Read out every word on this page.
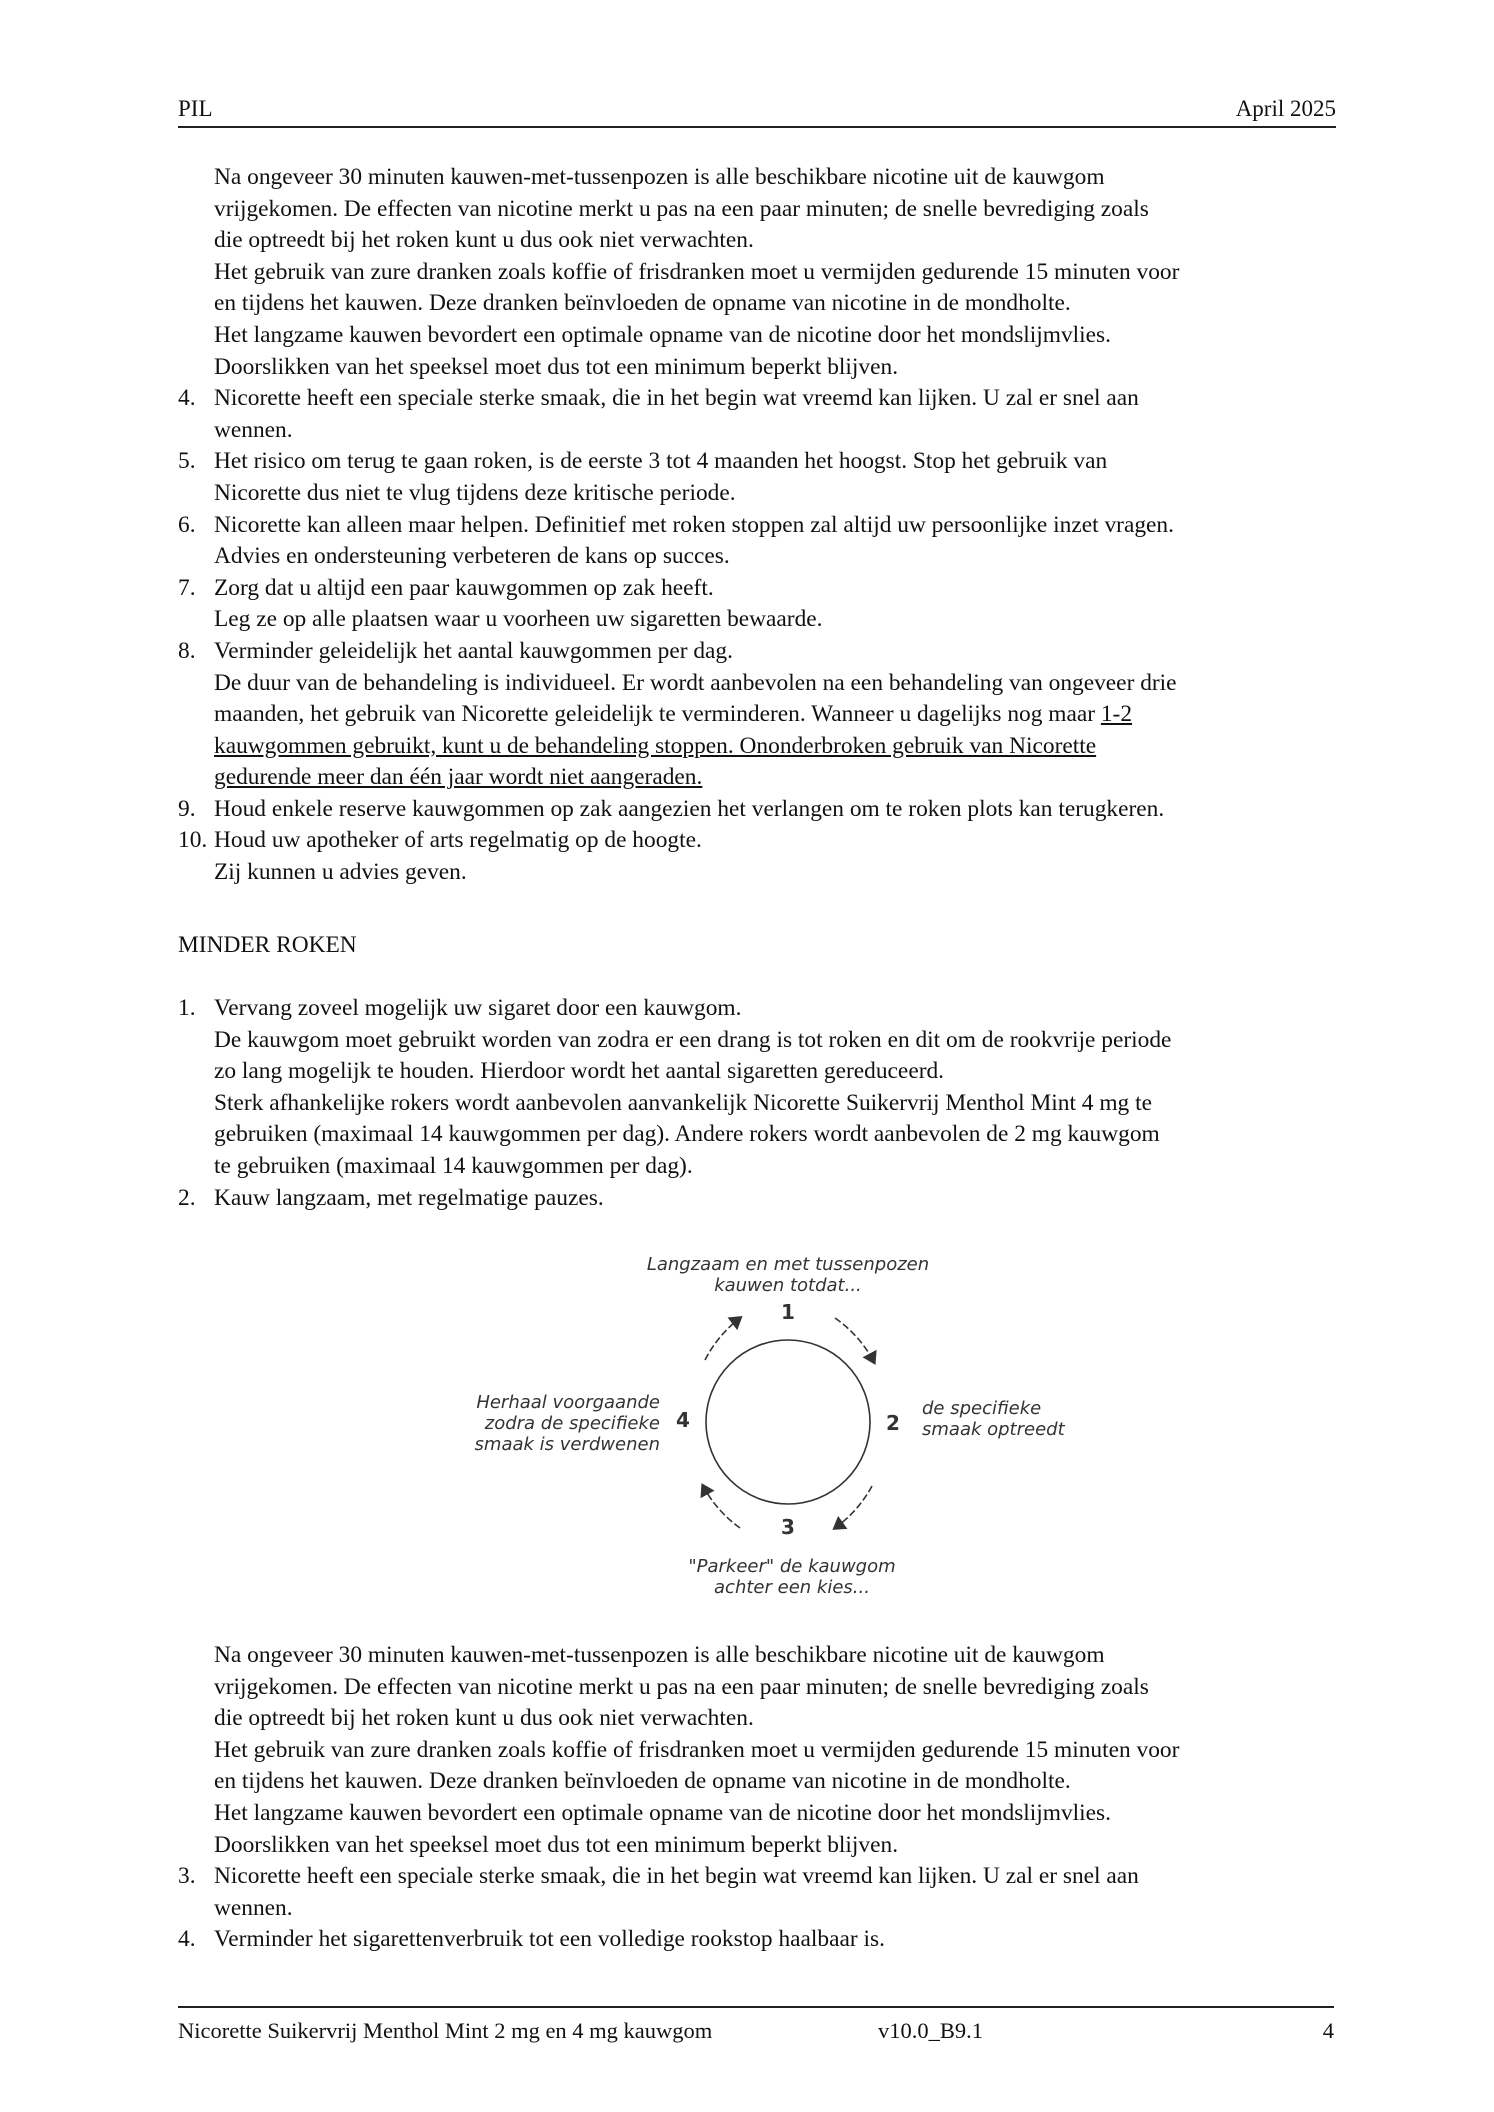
PIL	April 2025
Na ongeveer 30 minuten kauwen-met-tussenpozen is alle beschikbare nicotine uit de kauwgom
vrijgekomen. De effecten van nicotine merkt u pas na een paar minuten; de snelle bevrediging zoals
die optreedt bij het roken kunt u dus ook niet verwachten.
Het gebruik van zure dranken zoals koffie of frisdranken moet u vermijden gedurende 15 minuten voor
en tijdens het kauwen. Deze dranken beïnvloeden de opname van nicotine in de mondholte.
Het langzame kauwen bevordert een optimale opname van de nicotine door het mondslijmvlies.
Doorslikken van het speeksel moet dus tot een minimum beperkt blijven.
4. Nicorette heeft een speciale sterke smaak, die in het begin wat vreemd kan lijken. U zal er snel aan
wennen.
5. Het risico om terug te gaan roken, is de eerste 3 tot 4 maanden het hoogst. Stop het gebruik van
Nicorette dus niet te vlug tijdens deze kritische periode.
6. Nicorette kan alleen maar helpen. Definitief met roken stoppen zal altijd uw persoonlijke inzet vragen.
Advies en ondersteuning verbeteren de kans op succes.
7. Zorg dat u altijd een paar kauwgommen op zak heeft.
Leg ze op alle plaatsen waar u voorheen uw sigaretten bewaarde.
8. Verminder geleidelijk het aantal kauwgommen per dag.
De duur van de behandeling is individueel. Er wordt aanbevolen na een behandeling van ongeveer drie
maanden, het gebruik van Nicorette geleidelijk te verminderen. Wanneer u dagelijks nog maar 1-2
kauwgommen gebruikt, kunt u de behandeling stoppen. Ononderbroken gebruik van Nicorette
gedurende meer dan één jaar wordt niet aangeraden.
9. Houd enkele reserve kauwgommen op zak aangezien het verlangen om te roken plots kan terugkeren.
10. Houd uw apotheker of arts regelmatig op de hoogte.
Zij kunnen u advies geven.
MINDER ROKEN
1. Vervang zoveel mogelijk uw sigaret door een kauwgom.
De kauwgom moet gebruikt worden van zodra er een drang is tot roken en dit om de rookvrije periode
zo lang mogelijk te houden. Hierdoor wordt het aantal sigaretten gereduceerd.
Sterk afhankelijke rokers wordt aanbevolen aanvankelijk Nicorette Suikervrij Menthol Mint 4 mg te
gebruiken (maximaal 14 kauwgommen per dag). Andere rokers wordt aanbevolen de 2 mg kauwgom
te gebruiken (maximaal 14 kauwgommen per dag).
2. Kauw langzaam, met regelmatige pauzes.
Langzaam en met tussenpozen
kauwen totdat...
1
2
de specifieke
smaak optreedt
3
"Parkeer" de kauwgom
achter een kies...
4
Herhaal voorgaande
zodra de specifieke
smaak is verdwenen
Na ongeveer 30 minuten kauwen-met-tussenpozen is alle beschikbare nicotine uit de kauwgom
vrijgekomen. De effecten van nicotine merkt u pas na een paar minuten; de snelle bevrediging zoals
die optreedt bij het roken kunt u dus ook niet verwachten.
Het gebruik van zure dranken zoals koffie of frisdranken moet u vermijden gedurende 15 minuten voor
en tijdens het kauwen. Deze dranken beïnvloeden de opname van nicotine in de mondholte.
Het langzame kauwen bevordert een optimale opname van de nicotine door het mondslijmvlies.
Doorslikken van het speeksel moet dus tot een minimum beperkt blijven.
3. Nicorette heeft een speciale sterke smaak, die in het begin wat vreemd kan lijken. U zal er snel aan
wennen.
4. Verminder het sigarettenverbruik tot een volledige rookstop haalbaar is.
Nicorette Suikervrij Menthol Mint 2 mg en 4 mg kauwgom	v10.0_B9.1	4
